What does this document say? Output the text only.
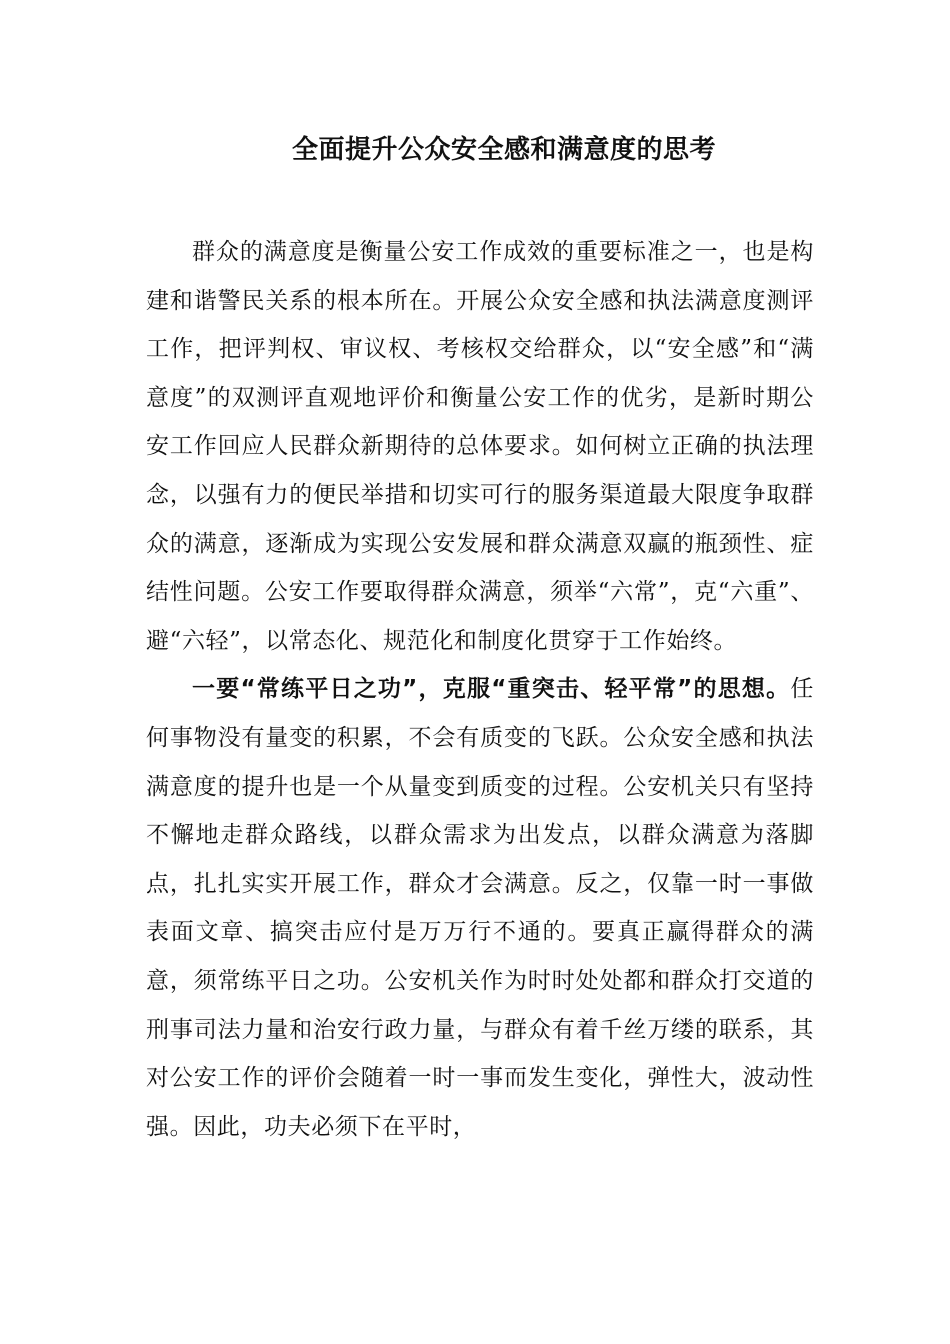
全面提升公众安全感和满意度的思考

群众的满意度是衡量公安工作成效的重要标准之一，也是构建和谐警民关系的根本所在。开展公众安全感和执法满意度测评工作，把评判权、审议权、考核权交给群众，以“安全感”和“满意度”的双测评直观地评价和衡量公安工作的优劣，是新时期公安工作回应人民群众新期待的总体要求。如何树立正确的执法理念，以强有力的便民举措和切实可行的服务渠道最大限度争取群众的满意，逐渐成为实现公安发展和群众满意双赢的瓶颈性、症结性问题。公安工作要取得群众满意，须举“六常”，克“六重”、避“六轻”，以常态化、规范化和制度化贯穿于工作始终。

一要“常练平日之功”，克服“重突击、轻平常”的思想。任何事物没有量变的积累，不会有质变的飞跃。公众安全感和执法满意度的提升也是一个从量变到质变的过程。公安机关只有坚持不懈地走群众路线，以群众需求为出发点，以群众满意为落脚点，扎扎实实开展工作，群众才会满意。反之，仅靠一时一事做表面文章、搞突击应付是万万行不通的。要真正赢得群众的满意，须常练平日之功。公安机关作为时时处处都和群众打交道的刑事司法力量和治安行政力量，与群众有着千丝万缕的联系，其对公安工作的评价会随着一时一事而发生变化，弹性大，波动性强。因此，功夫必须下在平时，
